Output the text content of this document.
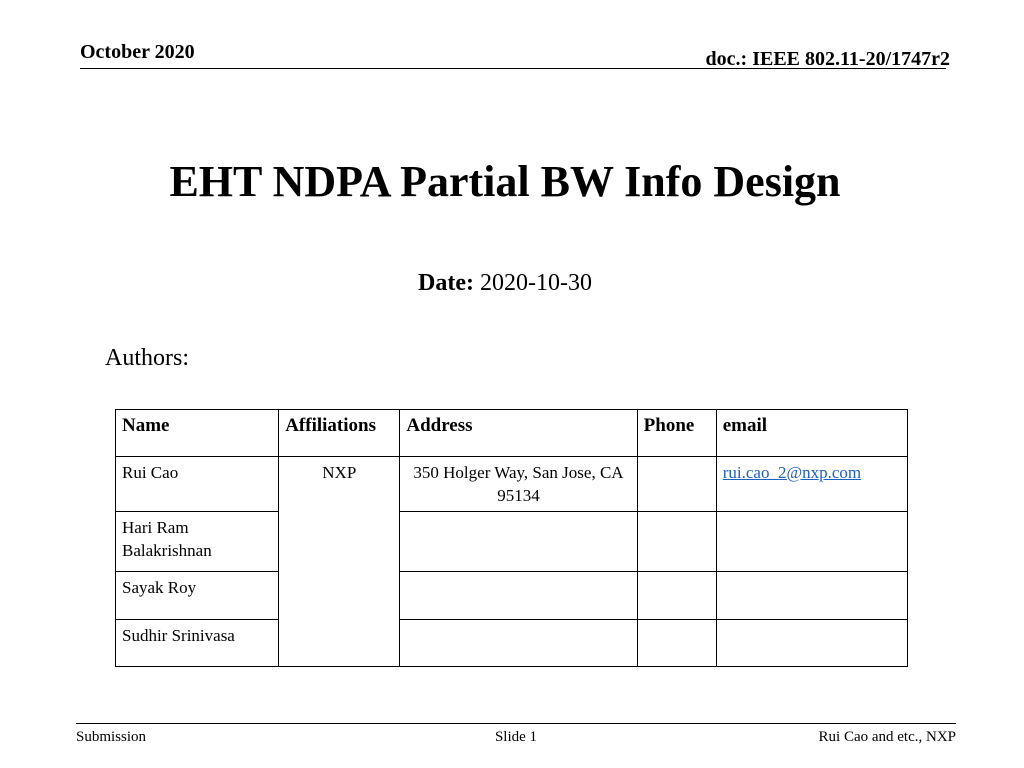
October 2020	doc.: IEEE 802.11-20/1747r2
EHT NDPA Partial BW Info Design
Date: 2020-10-30
Authors:
Name	Affiliations	Address	Phone	email
Rui Cao	NXP	350 Holger Way, San Jose, CA 95134		rui.cao_2@nxp.com
Hari Ram Balakrishnan				
Sayak Roy				
Sudhir Srinivasa				
Submission	Slide 1	Rui Cao and etc., NXP
